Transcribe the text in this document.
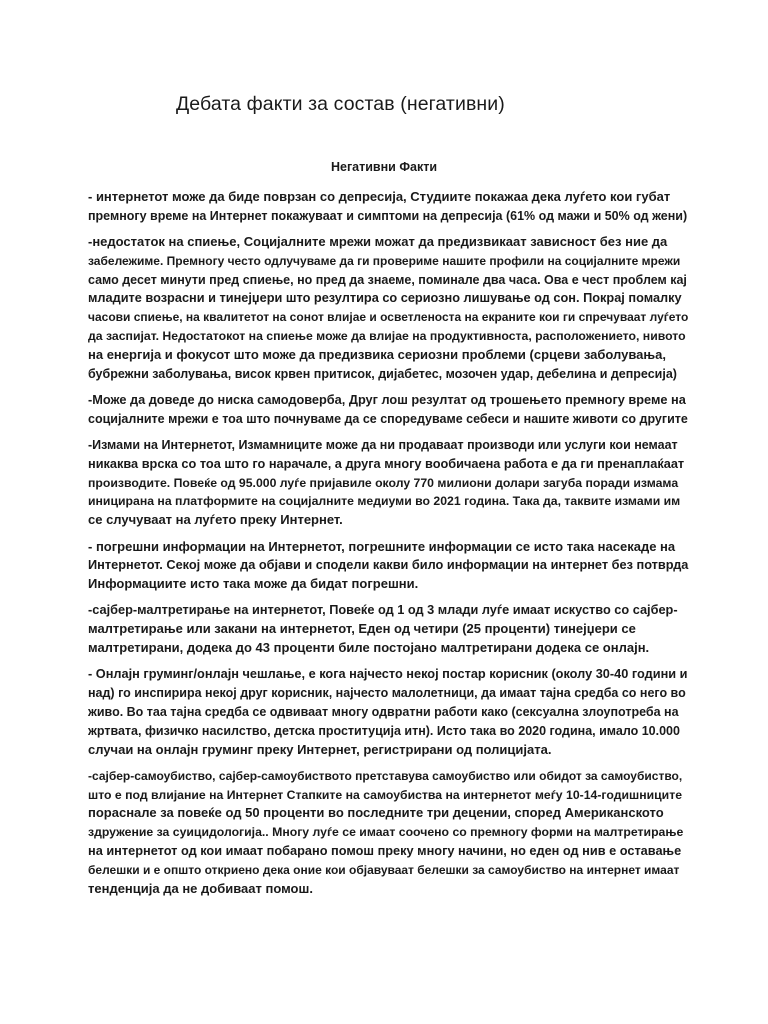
Дебата факти за состав (негативни)
Негативни Факти
- интернетот може да биде поврзан со депресија, Студиите покажаа дека луѓето кои губат
премногу време на Интернет покажуваат и симптоми на депресија (61% од мажи и 50% од жени)
-недостаток на спиење, Социјалните мрежи можат да предизвикаат зависност без ние да
забележиме. Премногу често одлучуваме да ги провериме нашите профили на социјалните мрежи
само десет минути пред спиење, но пред да знаеме, поминале два часа. Ова е чест проблем кај
младите возрасни и тинејџери што резултира со сериозно лишување од сон. Покрај помалку
часови спиење, на квалитетот на сонот влијае и осветленоста на екраните кои ги спречуваат луѓето
да заспијат. Недостатокот на спиење може да влијае на продуктивноста, расположението, нивото
на енергија и фокусот што може да предизвика сериозни проблеми (срцеви заболувања,
бубрежни заболувања, висок крвен притисок, дијабетес, мозочен удар, дебелина и депресија)
-Може да доведе до ниска самодоверба, Друг лош резултат од трошењето премногу време на
социјалните мрежи е тоа што почнуваме да се споредуваме себеси и нашите животи со другите
-Измами на Интернетот, Измамниците може да ни продаваат производи или услуги кои немаат
никаква врска со тоа што го нарачале, а друга многу вообичаена работа е да ги пренаплаќаат
производите. Повеќе од 95.000 луѓе пријавиле околу 770 милиони долари загуба поради измама
иницирана на платформите на социјалните медиуми во 2021 година. Така да, таквите измами им
се случуваат на луѓето преку Интернет.
- погрешни информации на Интернетот, погрешните информации се исто така насекаде на
Интернетот. Секој може да објави и сподели какви било информации на интернет без потврда
Информациите исто така може да бидат погрешни.
-сајбер-малтретирање на интернетот, Повеќе од 1 од 3 млади луѓе имаат искуство со сајбер-
малтретирање или закани на интернетот, Еден од четири (25 проценти) тинејџери се
малтретирани, додека до 43 проценти биле постојано малтретирани додека се онлајн.
- Онлајн груминг/онлајн чешлање, е кога најчесто некој постар корисник (околу 30-40 години и
над) го инспирира некој друг корисник, најчесто малолетници, да имаат тајна средба со него во
живо. Во таа тајна средба се одвиваат многу одвратни работи како (сексуална злоупотреба на
жртвата, физичко насилство, детска проституција итн). Исто така во 2020 година, имало 10.000
случаи на онлајн груминг преку Интернет, регистрирани од полицијата.
-сајбер-самоубиство, сајбер-самоубиството претставува самоубиство или обидот за самоубиство,
што е под влијание на Интернет Стапките на самоубиства на интернетот меѓу 10-14-годишниците
пораснале за повеќе од 50 проценти во последните три децении, според Американското
здружение за суицидологија.. Многу луѓе се имаат соочено со премногу форми на малтретирање
на интернетот од кои имаат побарано помош преку многу начини, но еден од нив е оставање
белешки и е општо откриено дека оние кои објавуваат белешки за самоубиство на интернет имаат
тенденција да не добиваат помош.
